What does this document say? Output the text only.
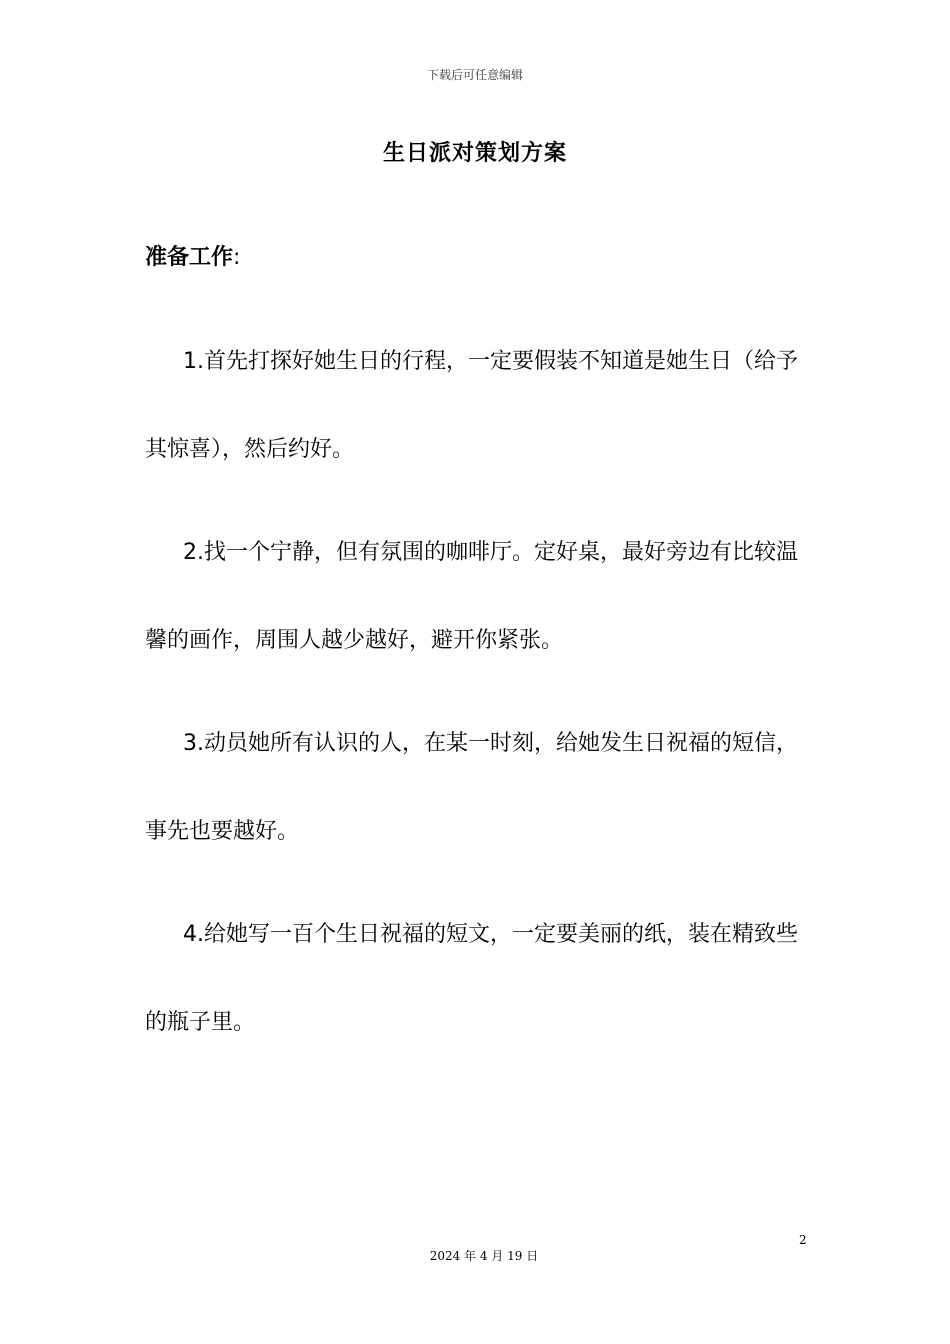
下载后可任意编辑
生日派对策划方案
准备工作:

1.首先打探好她生日的行程，一定要假装不知道是她生日（给予其惊喜），然后约好。

2.找一个宁静，但有氛围的咖啡厅。定好桌，最好旁边有比较温馨的画作，周围人越少越好，避开你紧张。

3.动员她所有认识的人，在某一时刻，给她发生日祝福的短信，事先也要越好。

4.给她写一百个生日祝福的短文，一定要美丽的纸，装在精致些的瓶子里。

2
2024 年 4 月 19 日
